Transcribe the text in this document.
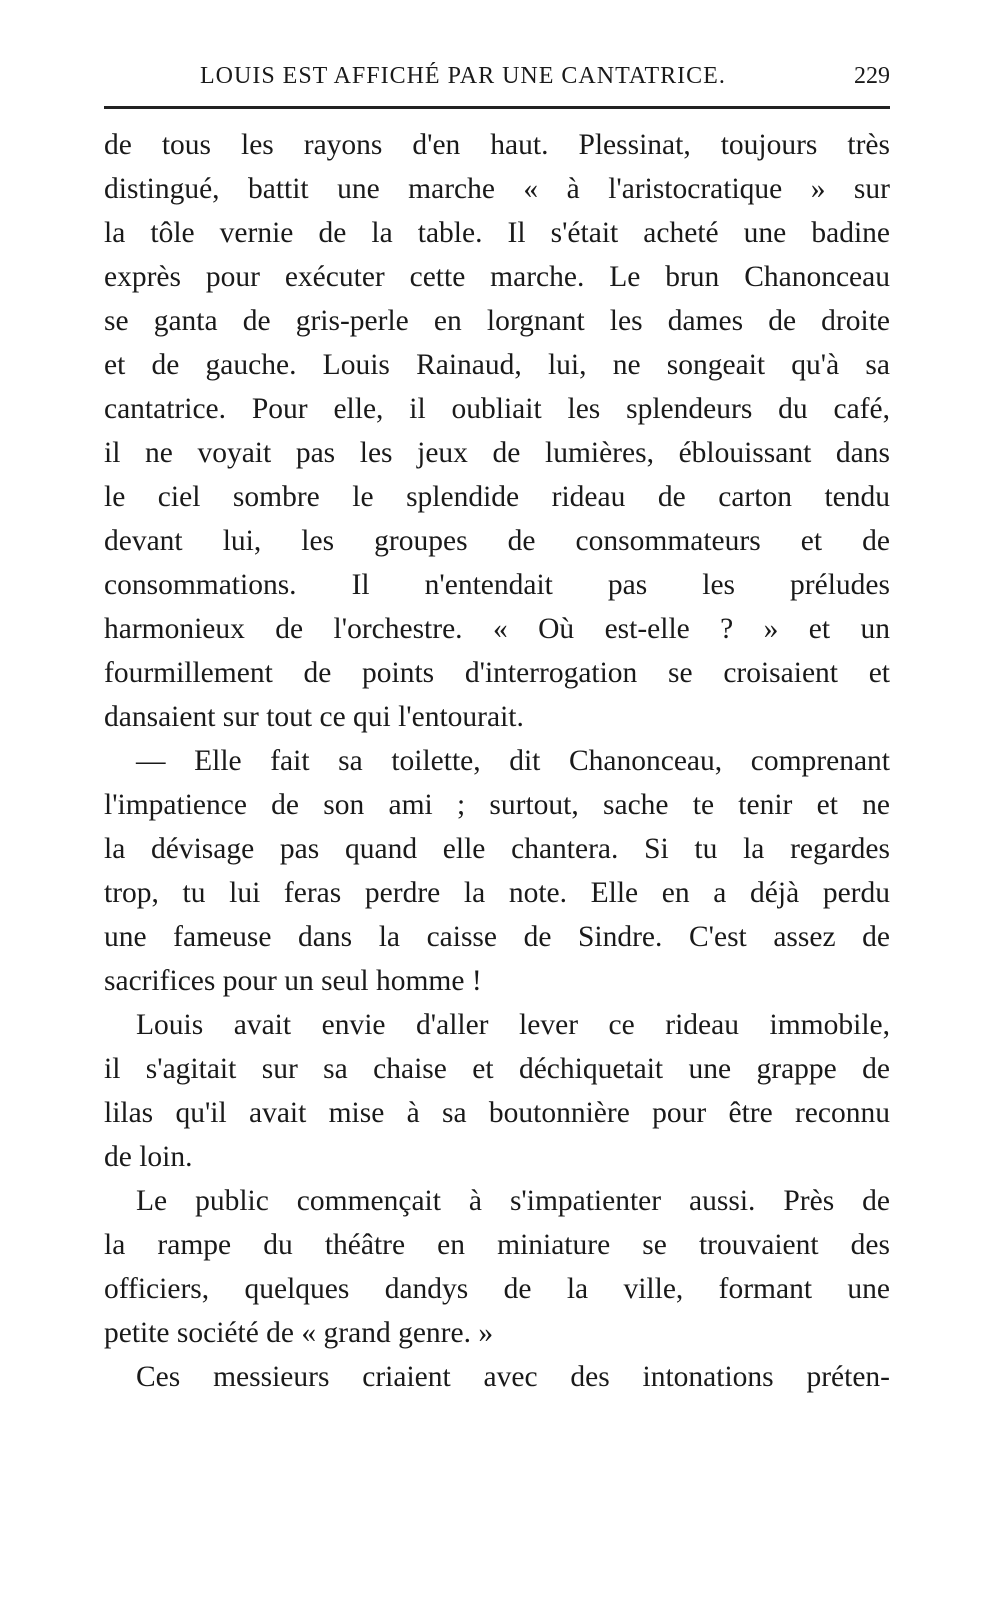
LOUIS EST AFFICHÉ PAR UNE CANTATRICE.	229

de tous les rayons d'en haut. Plessinat, toujours très
distingué, battit une marche « à l'aristocratique » sur
la tôle vernie de la table. Il s'était acheté une badine
exprès pour exécuter cette marche. Le brun Chanonceau
se ganta de gris-perle en lorgnant les dames de droite
et de gauche. Louis Rainaud, lui, ne songeait qu'à sa
cantatrice. Pour elle, il oubliait les splendeurs du café,
il ne voyait pas les jeux de lumières, éblouissant dans
le ciel sombre le splendide rideau de carton tendu
devant lui, les groupes de consommateurs et de
consommations. Il n'entendait pas les préludes
harmonieux de l'orchestre. « Où est-elle ? » et un
fourmillement de points d'interrogation se croisaient et
dansaient sur tout ce qui l'entourait.

— Elle fait sa toilette, dit Chanonceau, comprenant
l'impatience de son ami ; surtout, sache te tenir et ne
la dévisage pas quand elle chantera. Si tu la regardes
trop, tu lui feras perdre la note. Elle en a déjà perdu
une fameuse dans la caisse de Sindre. C'est assez de
sacrifices pour un seul homme !

Louis avait envie d'aller lever ce rideau immobile,
il s'agitait sur sa chaise et déchiquetait une grappe de
lilas qu'il avait mise à sa boutonnière pour être reconnu
de loin.

Le public commençait à s'impatienter aussi. Près de
la rampe du théâtre en miniature se trouvaient des
officiers, quelques dandys de la ville, formant une
petite société de « grand genre. »

Ces messieurs criaient avec des intonations préten-
